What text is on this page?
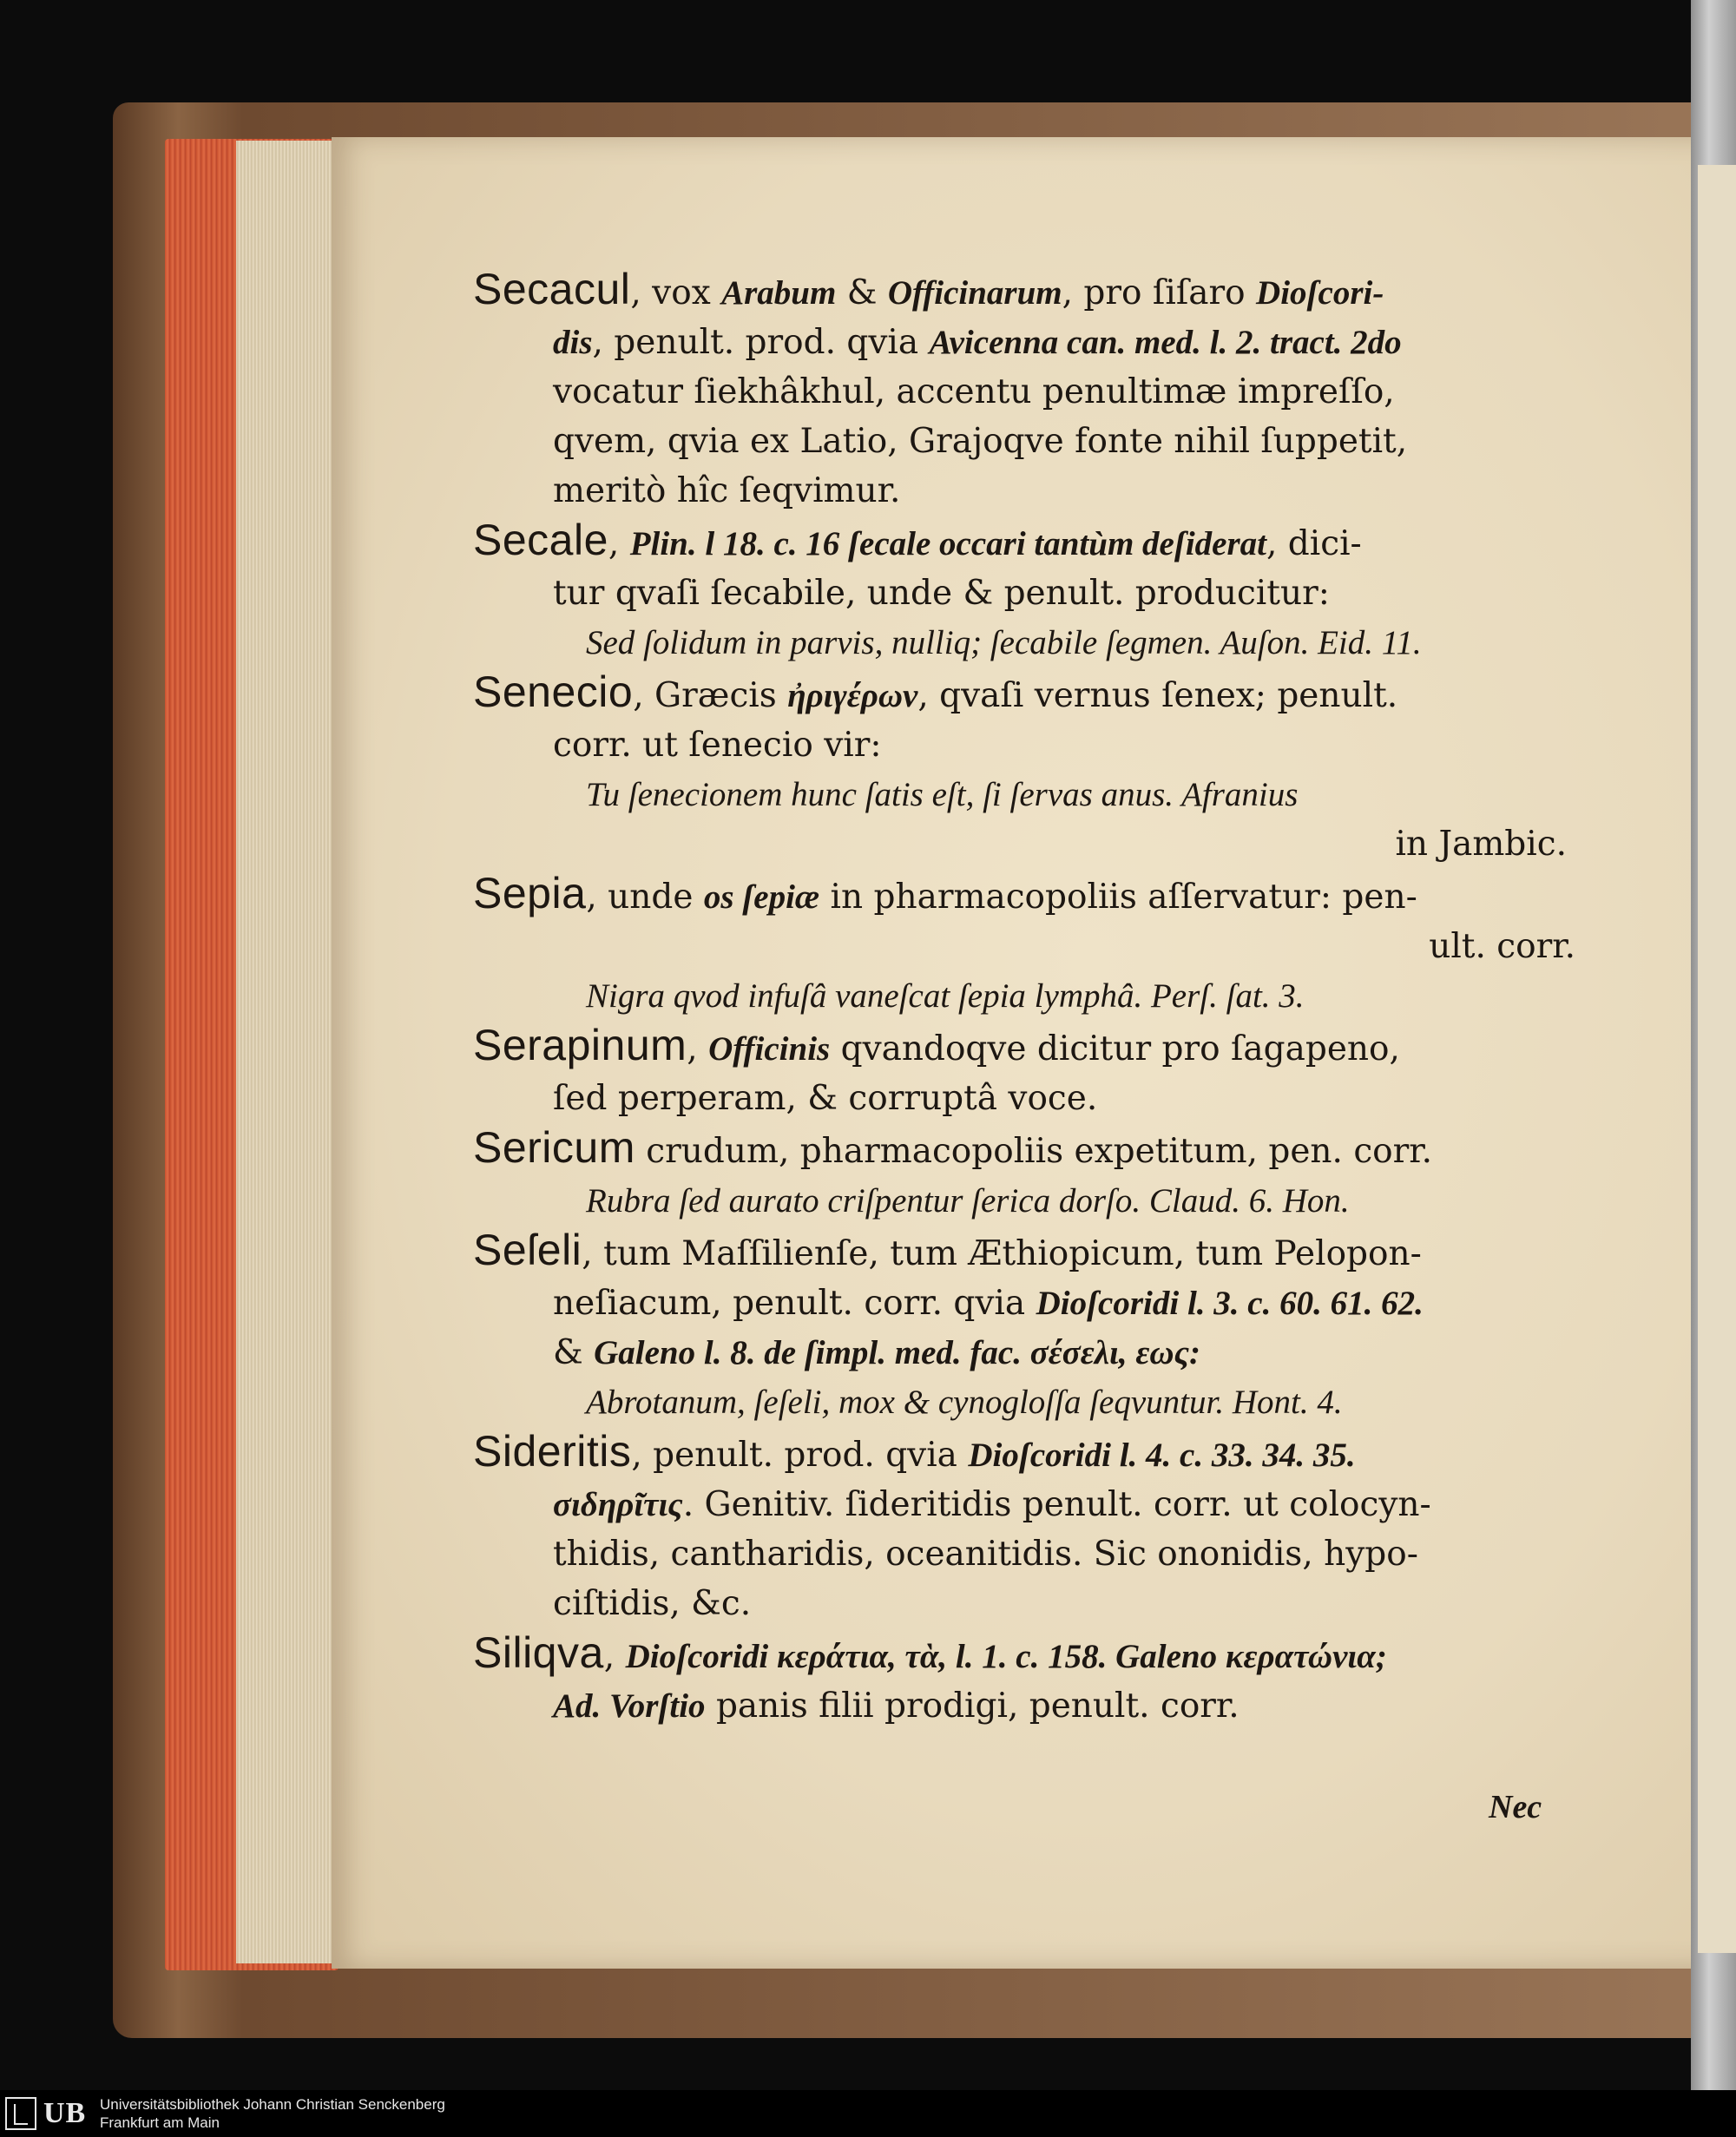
Secacul, vox Arabum & Officinarum, pro ſiſaro Dioſcori-
dis, penult. prod. qvia Avicenna can. med. l. 2. tract. 2do
vocatur ſiekhâkhul, accentu penultimæ impreſſo,
qvem, qvia ex Latio, Grajoqve fonte nihil ſuppetit,
meritò hîc ſeqvimur.
Secale, Plin. l 18. c. 16 ſecale occari tantùm deſiderat, dici-
tur qvaſi ſecabile, unde & penult. producitur:
Sed ſolidum in parvis, nulliq; ſecabile ſegmen. Auſon. Eid. 11.
Senecio, Græcis ἠριγέρων, qvaſi vernus ſenex; penult.
corr. ut ſenecio vir:
Tu ſenecionem hunc ſatis eſt, ſi ſervas anus. Afranius
in Jambic.
Sepia, unde os ſepiæ in pharmacopoliis aſſervatur: pen-
ult. corr.
Nigra qvod infuſâ vaneſcat ſepia lymphâ. Perſ. ſat. 3.
Serapinum, Officinis qvandoqve dicitur pro ſagapeno,
ſed perperam, & corruptâ voce.
Sericum crudum, pharmacopoliis expetitum, pen. corr.
Rubra ſed aurato criſpentur ſerica dorſo. Claud. 6. Hon.
Seſeli, tum Maſſilienſe, tum Æthiopicum, tum Pelopon-
neſiacum, penult. corr. qvia Dioſcoridi l. 3. c. 60. 61. 62.
& Galeno l. 8. de ſimpl. med. fac. σέσελι, εως:
Abrotanum, ſeſeli, mox & cynogloſſa ſeqvuntur. Hont. 4.
Sideritis, penult. prod. qvia Dioſcoridi l. 4. c. 33. 34. 35.
σιδηρῖτις. Genitiv. ſideritidis penult. corr. ut colocyn-
thidis, cantharidis, oceanitidis. Sic ononidis, hypo-
ciſtidis, &c.
Siliqva, Dioſcoridi κεράτια, τὰ, l. 1. c. 158. Galeno κερατώνια;
Ad. Vorſtio panis filii prodigi, penult. corr.
Nec
UB Universitätsbibliothek Johann Christian Senckenberg
Frankfurt am Main
